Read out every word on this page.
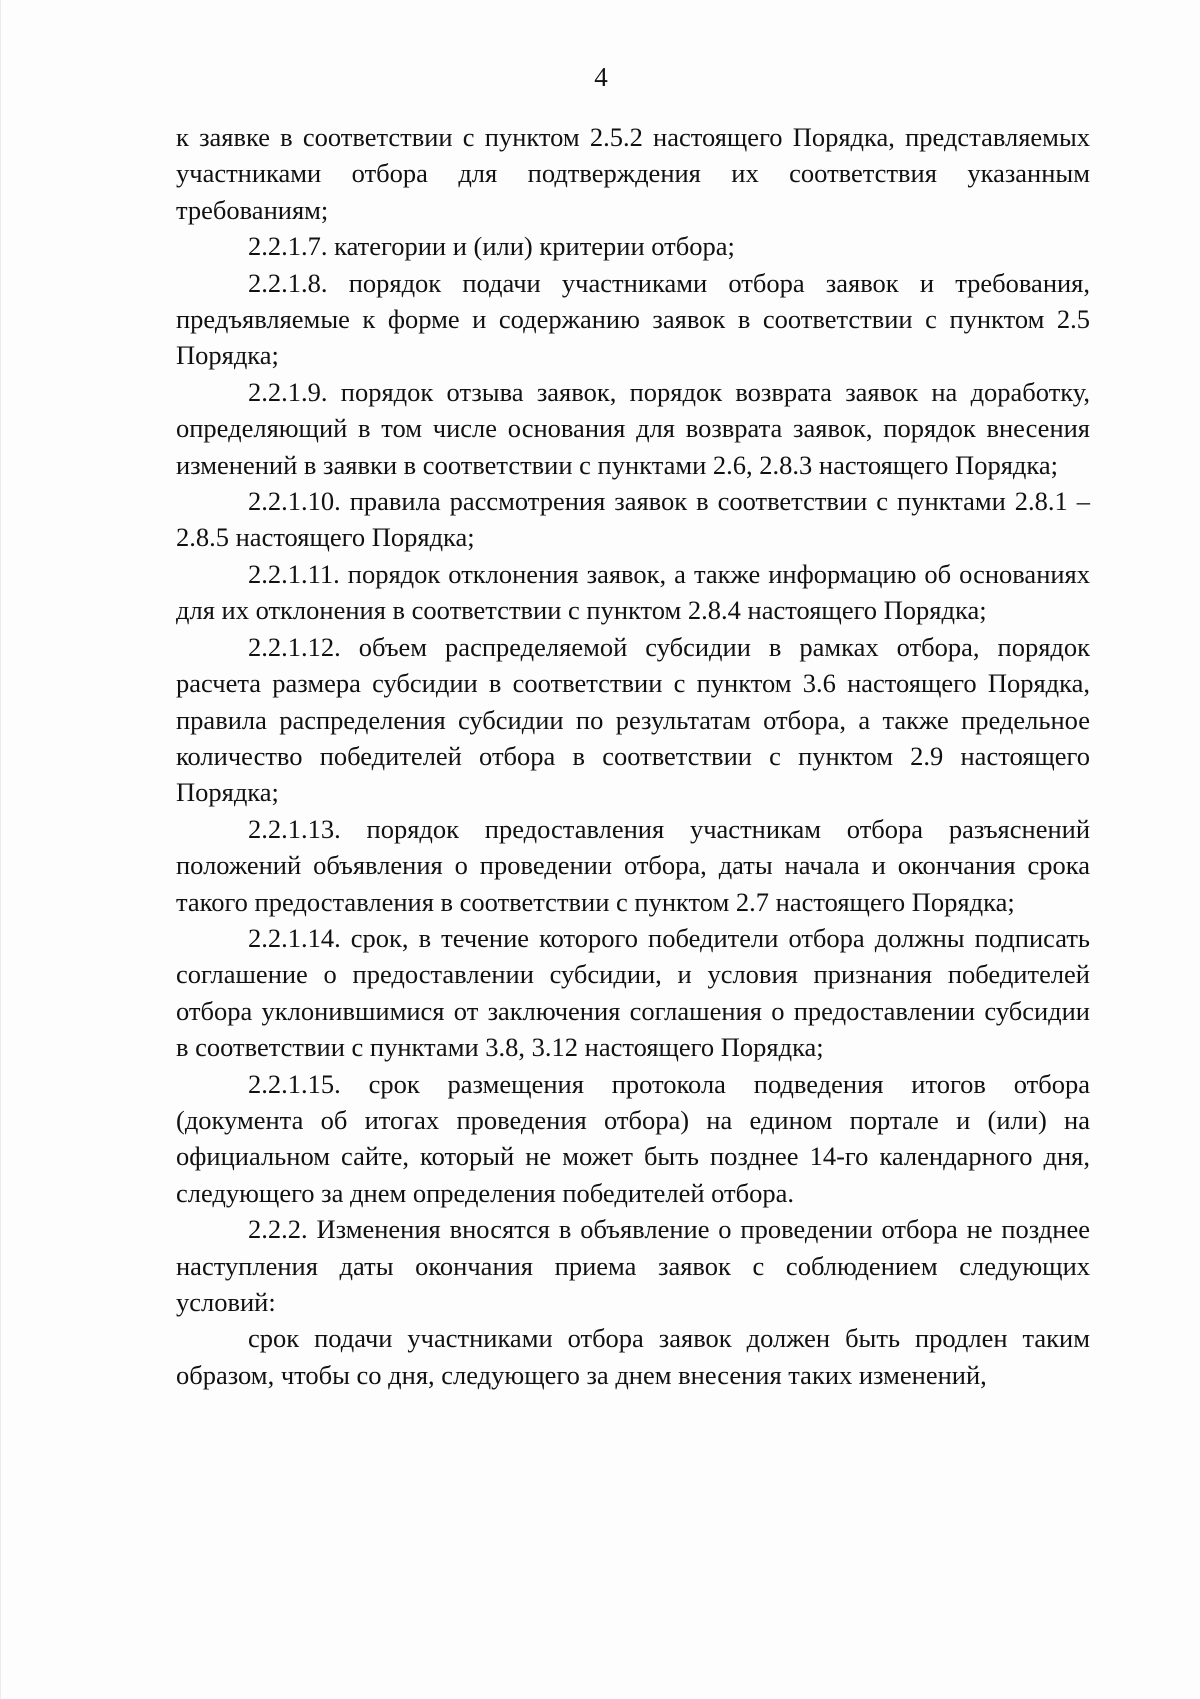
4

к заявке в соответствии с пунктом 2.5.2 настоящего Порядка, представляемых участниками отбора для подтверждения их соответствия указанным требованиям;

2.2.1.7. категории и (или) критерии отбора;

2.2.1.8. порядок подачи участниками отбора заявок и требования, предъявляемые к форме и содержанию заявок в соответствии с пунктом 2.5 Порядка;

2.2.1.9. порядок отзыва заявок, порядок возврата заявок на доработку, определяющий в том числе основания для возврата заявок, порядок внесения изменений в заявки в соответствии с пунктами 2.6, 2.8.3 настоящего Порядка;

2.2.1.10. правила рассмотрения заявок в соответствии с пунктами 2.8.1 – 2.8.5 настоящего Порядка;

2.2.1.11. порядок отклонения заявок, а также информацию об основаниях для их отклонения в соответствии с пунктом 2.8.4 настоящего Порядка;

2.2.1.12. объем распределяемой субсидии в рамках отбора, порядок расчета размера субсидии в соответствии с пунктом 3.6 настоящего Порядка, правила распределения субсидии по результатам отбора, а также предельное количество победителей отбора в соответствии с пунктом 2.9 настоящего Порядка;

2.2.1.13. порядок предоставления участникам отбора разъяснений положений объявления о проведении отбора, даты начала и окончания срока такого предоставления в соответствии с пунктом 2.7 настоящего Порядка;

2.2.1.14. срок, в течение которого победители отбора должны подписать соглашение о предоставлении субсидии, и условия признания победителей отбора уклонившимися от заключения соглашения о предоставлении субсидии в соответствии с пунктами 3.8, 3.12 настоящего Порядка;

2.2.1.15. срок размещения протокола подведения итогов отбора (документа об итогах проведения отбора) на едином портале и (или) на официальном сайте, который не может быть позднее 14-го календарного дня, следующего за днем определения победителей отбора.

2.2.2. Изменения вносятся в объявление о проведении отбора не позднее наступления даты окончания приема заявок с соблюдением следующих условий:

срок подачи участниками отбора заявок должен быть продлен таким образом, чтобы со дня, следующего за днем внесения таких изменений,
